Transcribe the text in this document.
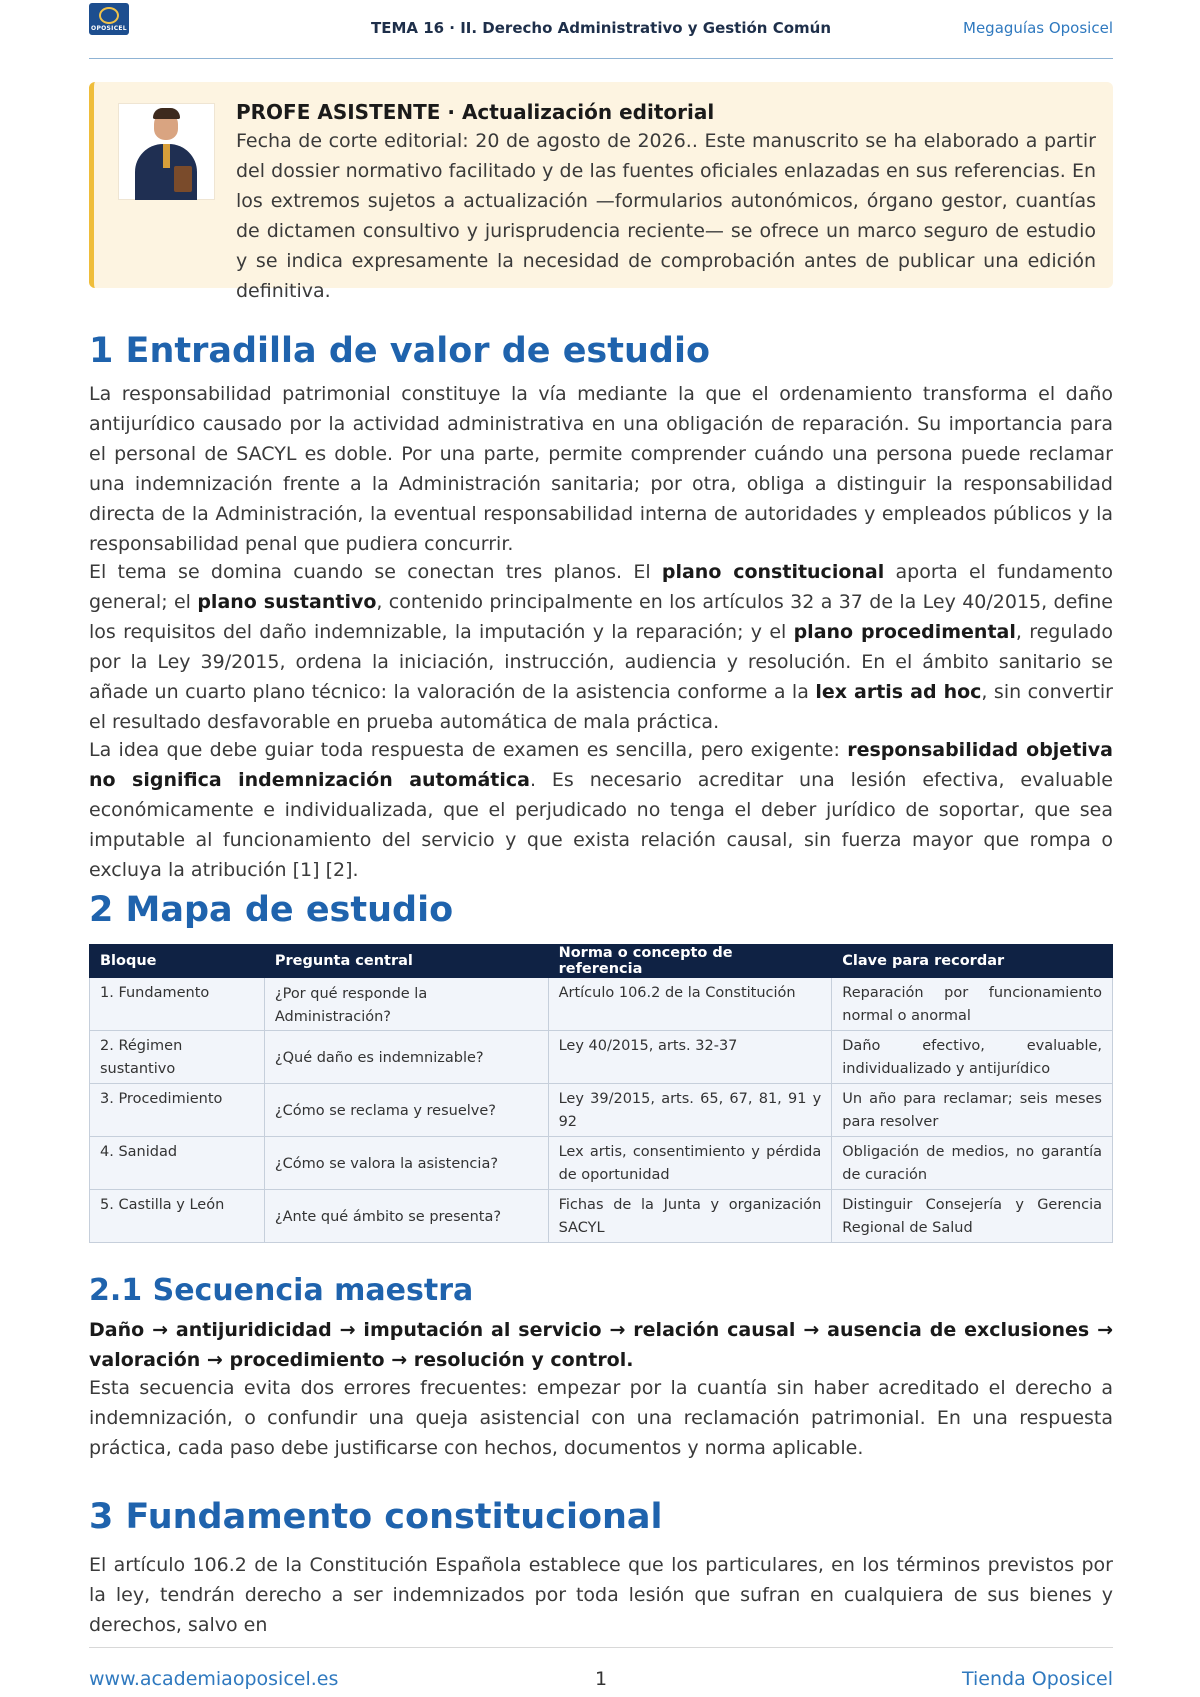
OPOSICEL	TEMA 16 · II. Derecho Administrativo y Gestión Común	Megaguías Oposicel
PROFE ASISTENTE · Actualización editorial
Fecha de corte editorial: 20 de agosto de 2026.. Este manuscrito se ha elaborado a partir del dossier normativo facilitado y de las fuentes oficiales enlazadas en sus referencias. En los extremos sujetos a actualización —formularios autonómicos, órgano gestor, cuantías de dictamen consultivo y jurisprudencia reciente— se ofrece un marco seguro de estudio y se indica expresamente la necesidad de comprobación antes de publicar una edición definitiva.
1 Entradilla de valor de estudio

La responsabilidad patrimonial constituye la vía mediante la que el ordenamiento transforma el daño antijurídico causado por la actividad administrativa en una obligación de reparación. Su importancia para el personal de SACYL es doble. Por una parte, permite comprender cuándo una persona puede reclamar una indemnización frente a la Administración sanitaria; por otra, obliga a distinguir la responsabilidad directa de la Administración, la eventual responsabilidad interna de autoridades y empleados públicos y la responsabilidad penal que pudiera concurrir.

El tema se domina cuando se conectan tres planos. El plano constitucional aporta el fundamento general; el plano sustantivo, contenido principalmente en los artículos 32 a 37 de la Ley 40/2015, define los requisitos del daño indemnizable, la imputación y la reparación; y el plano procedimental, regulado por la Ley 39/2015, ordena la iniciación, instrucción, audiencia y resolución. En el ámbito sanitario se añade un cuarto plano técnico: la valoración de la asistencia conforme a la lex artis ad hoc, sin convertir el resultado desfavorable en prueba automática de mala práctica.

La idea que debe guiar toda respuesta de examen es sencilla, pero exigente: responsabilidad objetiva no significa indemnización automática. Es necesario acreditar una lesión efectiva, evaluable económicamente e individualizada, que el perjudicado no tenga el deber jurídico de soportar, que sea imputable al funcionamiento del servicio y que exista relación causal, sin fuerza mayor que rompa o excluya la atribución [1] [2].

2 Mapa de estudio
Bloque	Pregunta central	Norma o concepto de referencia	Clave para recordar
1. Fundamento	¿Por qué responde la Administración?	Artículo 106.2 de la Constitución	Reparación por funcionamiento normal o anormal
2. Régimen sustantivo	¿Qué daño es indemnizable?	Ley 40/2015, arts. 32-37	Daño efectivo, evaluable, individualizado y antijurídico
3. Procedimiento	¿Cómo se reclama y resuelve?	Ley 39/2015, arts. 65, 67, 81, 91 y 92	Un año para reclamar; seis meses para resolver
4. Sanidad	¿Cómo se valora la asistencia?	Lex artis, consentimiento y pérdida de oportunidad	Obligación de medios, no garantía de curación
5. Castilla y León	¿Ante qué ámbito se presenta?	Fichas de la Junta y organización SACYL	Distinguir Consejería y Gerencia Regional de Salud
2.1 Secuencia maestra

Daño → antijuridicidad → imputación al servicio → relación causal → ausencia de exclusiones → valoración → procedimiento → resolución y control.

Esta secuencia evita dos errores frecuentes: empezar por la cuantía sin haber acreditado el derecho a indemnización, o confundir una queja asistencial con una reclamación patrimonial. En una respuesta práctica, cada paso debe justificarse con hechos, documentos y norma aplicable.

3 Fundamento constitucional

El artículo 106.2 de la Constitución Española establece que los particulares, en los términos previstos por la ley, tendrán derecho a ser indemnizados por toda lesión que sufran en cualquiera de sus bienes y derechos, salvo en

www.academiaoposicel.es	1	Tienda Oposicel
